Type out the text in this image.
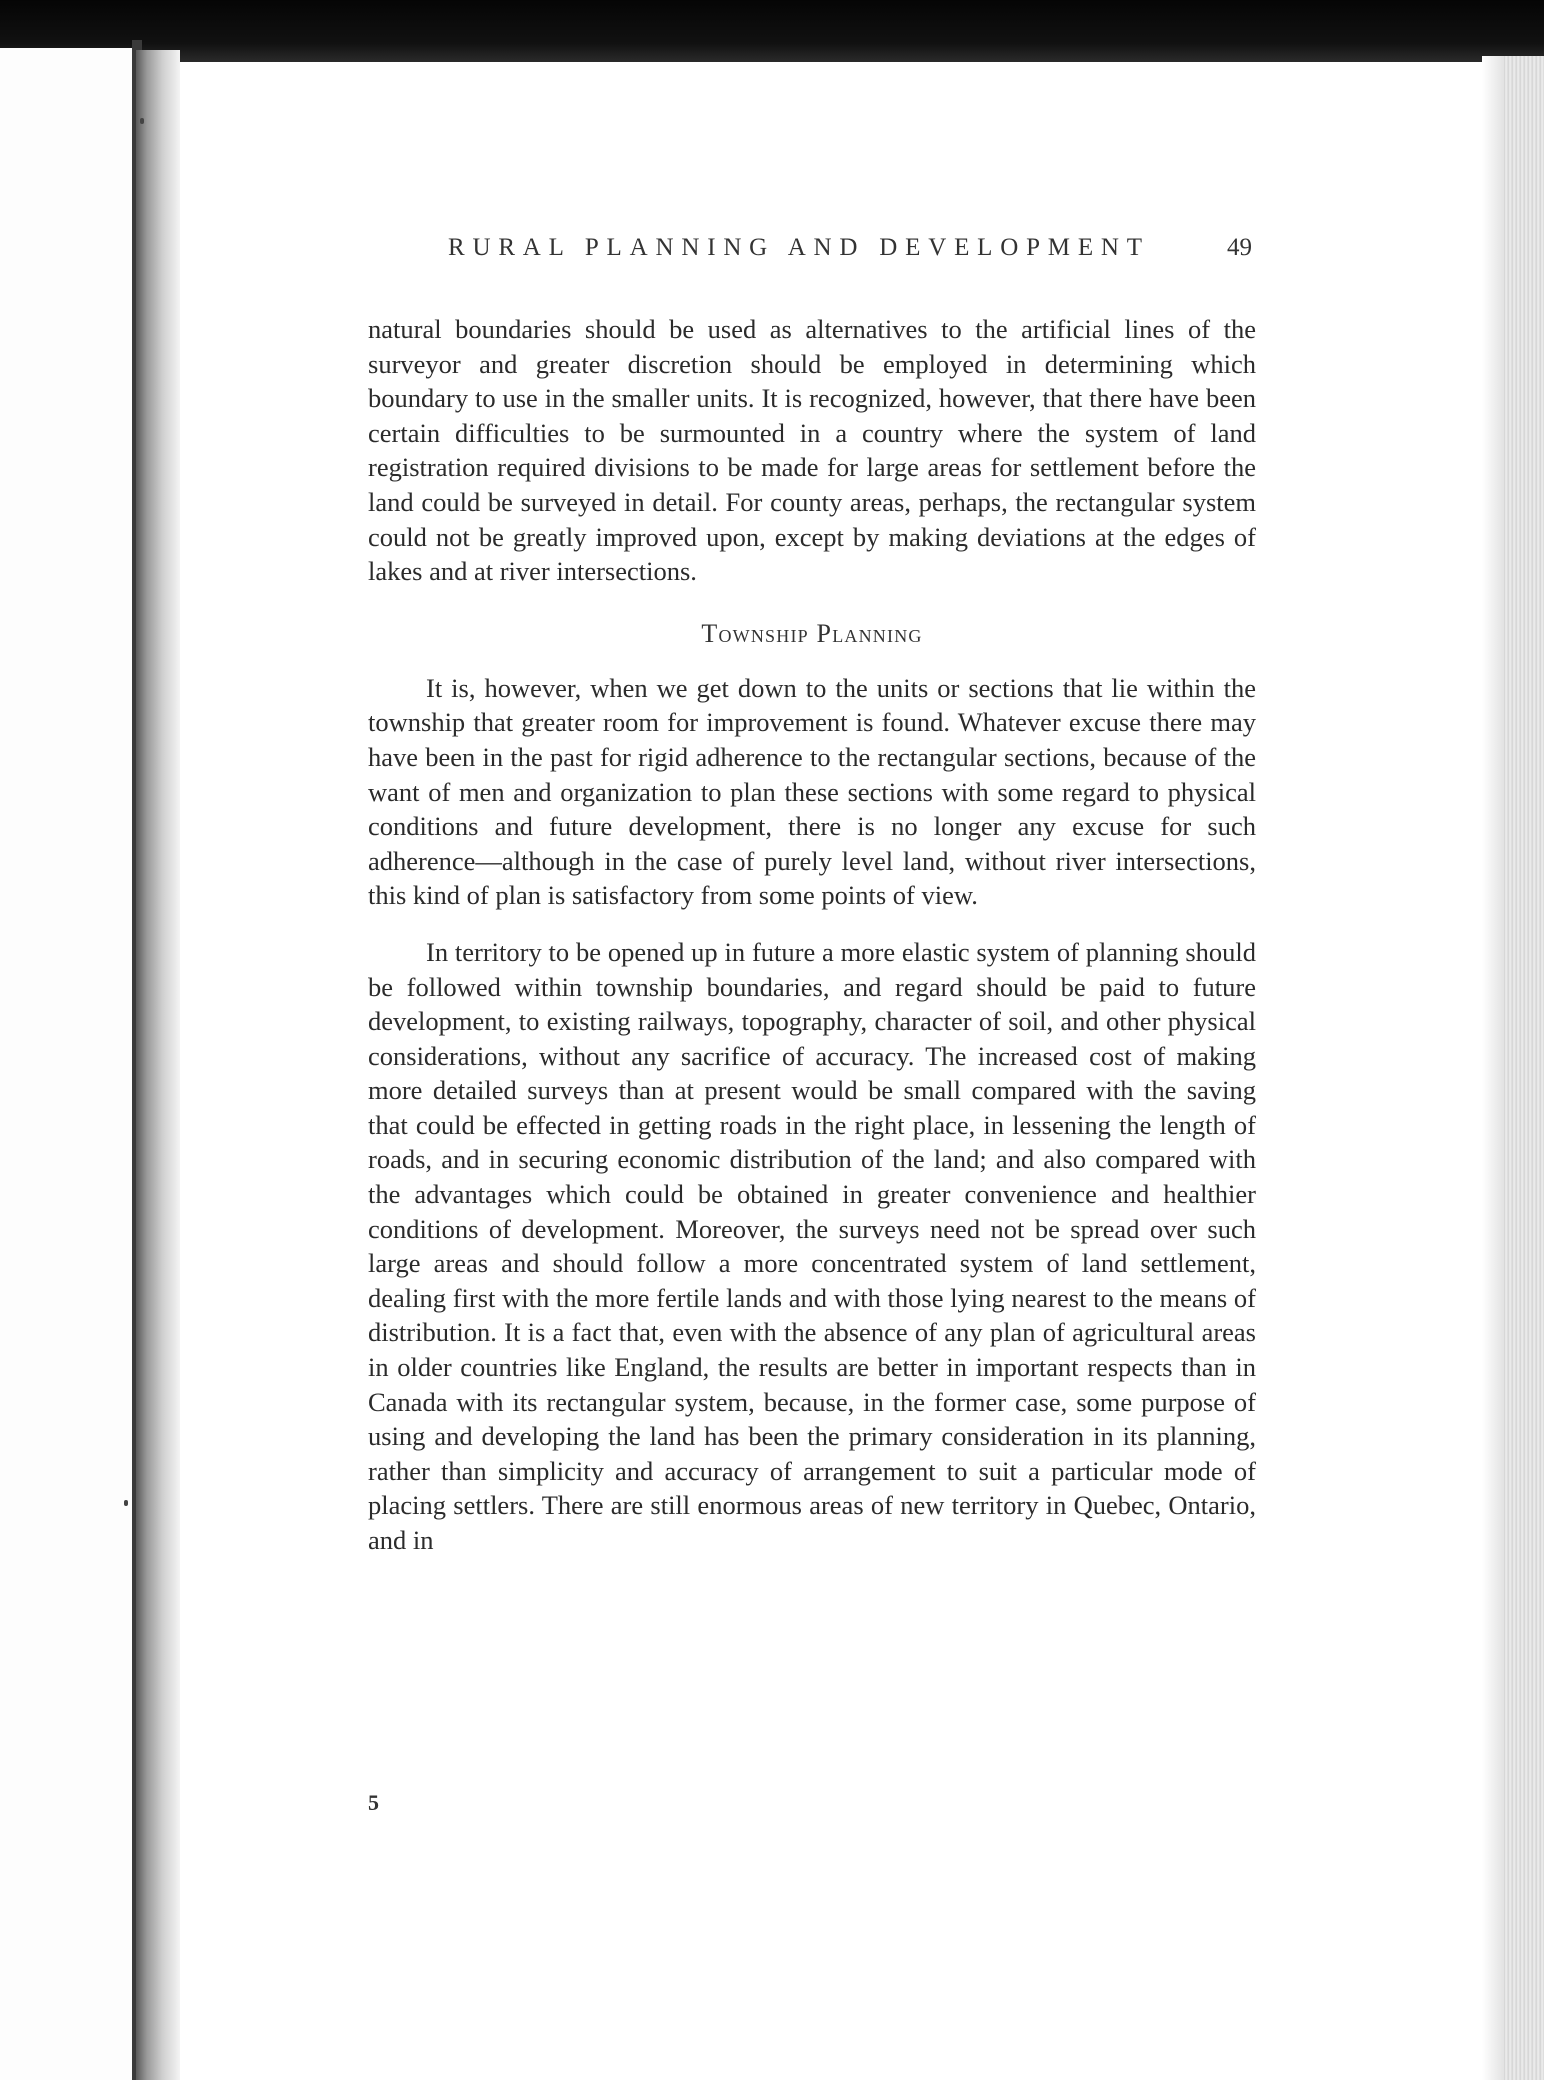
RURAL PLANNING AND DEVELOPMENT	49

natural boundaries should be used as alternatives to the artificial lines of the surveyor and greater discretion should be employed in determining which boundary to use in the smaller units. It is recognized, however, that there have been certain difficulties to be surmounted in a country where the system of land registration required divisions to be made for large areas for settlement before the land could be surveyed in detail. For county areas, perhaps, the rectangular system could not be greatly improved upon, except by making deviations at the edges of lakes and at river intersections.

Township Planning

It is, however, when we get down to the units or sections that lie within the township that greater room for improvement is found. Whatever excuse there may have been in the past for rigid adherence to the rectangular sections, because of the want of men and organization to plan these sections with some regard to physical conditions and future development, there is no longer any excuse for such adherence—although in the case of purely level land, without river intersections, this kind of plan is satisfactory from some points of view.

In territory to be opened up in future a more elastic system of planning should be followed within township boundaries, and regard should be paid to future development, to existing railways, topography, character of soil, and other physical considerations, without any sacrifice of accuracy. The increased cost of making more detailed surveys than at present would be small compared with the saving that could be effected in getting roads in the right place, in lessening the length of roads, and in securing economic distribution of the land; and also compared with the advantages which could be obtained in greater convenience and healthier conditions of development. Moreover, the surveys need not be spread over such large areas and should follow a more concentrated system of land settlement, dealing first with the more fertile lands and with those lying nearest to the means of distribution. It is a fact that, even with the absence of any plan of agricultural areas in older countries like England, the results are better in important respects than in Canada with its rectangular system, because, in the former case, some purpose of using and developing the land has been the primary consideration in its planning, rather than simplicity and accuracy of arrangement to suit a particular mode of placing settlers. There are still enormous areas of new territory in Quebec, Ontario, and in

5
